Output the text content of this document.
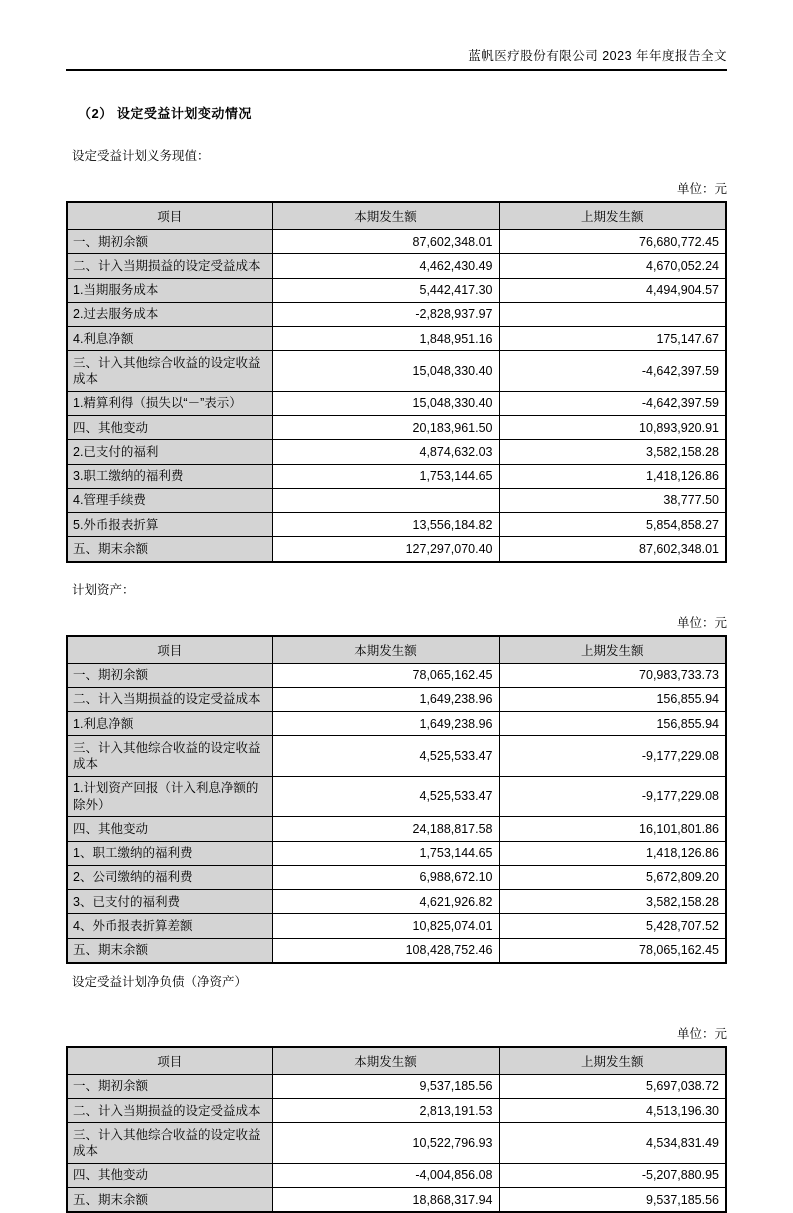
蓝帆医疗股份有限公司 2023 年年度报告全文
（2） 设定受益计划变动情况
设定受益计划义务现值：
单位：元
项目	本期发生额	上期发生额
一、期初余额	87,602,348.01	76,680,772.45
二、计入当期损益的设定受益成本	4,462,430.49	4,670,052.24
1.当期服务成本	5,442,417.30	4,494,904.57
2.过去服务成本	-2,828,937.97	
4.利息净额	1,848,951.16	175,147.67
三、计入其他综合收益的设定收益成本	15,048,330.40	-4,642,397.59
1.精算利得（损失以“－”表示）	15,048,330.40	-4,642,397.59
四、其他变动	20,183,961.50	10,893,920.91
2.已支付的福利	4,874,632.03	3,582,158.28
3.职工缴纳的福利费	1,753,144.65	1,418,126.86
4.管理手续费		38,777.50
5.外币报表折算	13,556,184.82	5,854,858.27
五、期末余额	127,297,070.40	87,602,348.01
计划资产：
单位：元
项目	本期发生额	上期发生额
一、期初余额	78,065,162.45	70,983,733.73
二、计入当期损益的设定受益成本	1,649,238.96	156,855.94
1.利息净额	1,649,238.96	156,855.94
三、计入其他综合收益的设定收益成本	4,525,533.47	-9,177,229.08
1.计划资产回报（计入利息净额的除外）	4,525,533.47	-9,177,229.08
四、其他变动	24,188,817.58	16,101,801.86
1、职工缴纳的福利费	1,753,144.65	1,418,126.86
2、公司缴纳的福利费	6,988,672.10	5,672,809.20
3、已支付的福利费	4,621,926.82	3,582,158.28
4、外币报表折算差额	10,825,074.01	5,428,707.52
五、期末余额	108,428,752.46	78,065,162.45
设定受益计划净负债（净资产）
单位：元
项目	本期发生额	上期发生额
一、期初余额	9,537,185.56	5,697,038.72
二、计入当期损益的设定受益成本	2,813,191.53	4,513,196.30
三、计入其他综合收益的设定收益成本	10,522,796.93	4,534,831.49
四、其他变动	-4,004,856.08	-5,207,880.95
五、期末余额	18,868,317.94	9,537,185.56
